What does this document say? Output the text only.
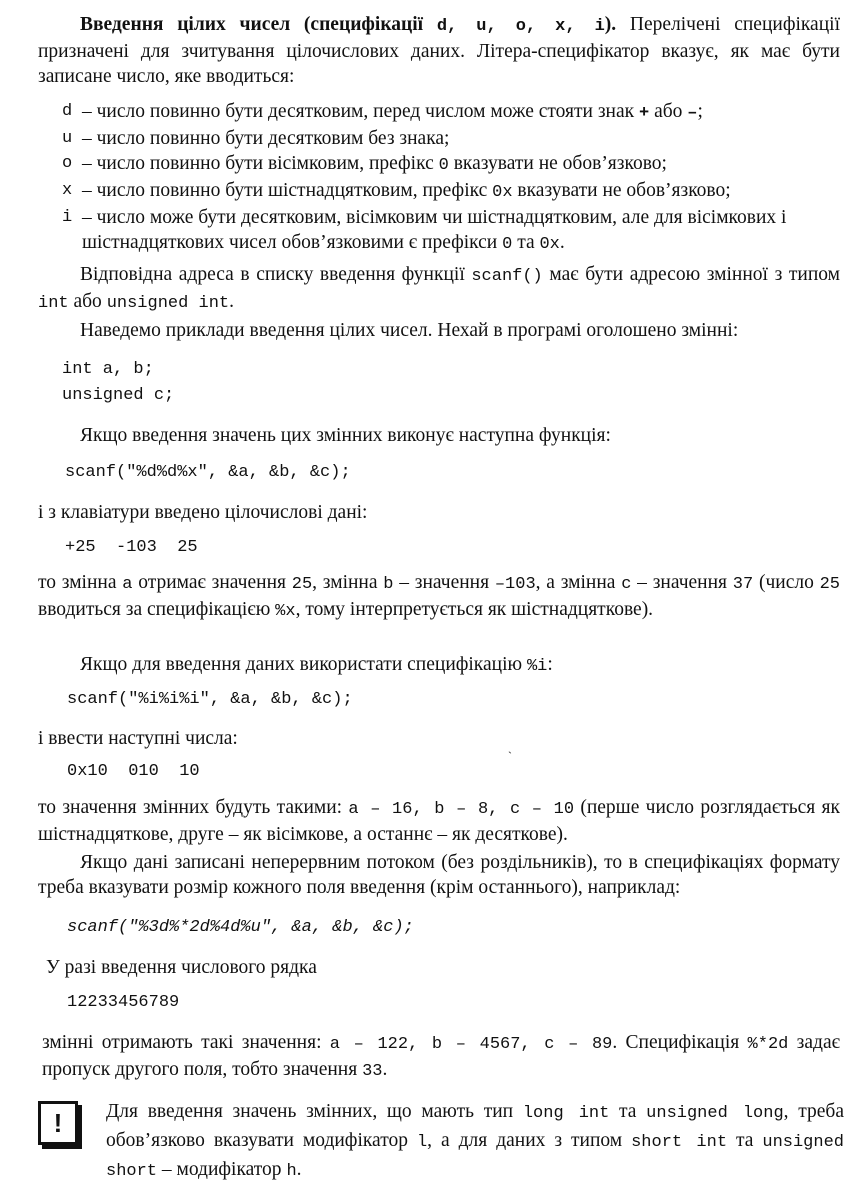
Введення цілих чисел (специфікації d, u, o, x, i). Перелічені специфікації призначені для зчитування цілочислових даних. Літера-специфікатор вказує, як має бути записане число, яке вводиться:

d – число повинно бути десятковим, перед числом може стояти знак + або –;
u – число повинно бути десятковим без знака;
o – число повинно бути вісімковим, префікс 0 вказувати не обов’язково;
x – число повинно бути шістнадцятковим, префікс 0x вказувати не обов’язково;
i – число може бути десятковим, вісімковим чи шістнадцятковим, але для вісімкових і шістнадцяткових чисел обов’язковими є префікси 0 та 0x.

Відповідна адреса в списку введення функції scanf() має бути адресою змінної з типом int або unsigned int.

Наведемо приклади введення цілих чисел. Нехай в програмі оголошено змінні:

int a, b;
unsigned c;

Якщо введення значень цих змінних виконує наступна функція:

scanf("%d%d%x", &a, &b, &c);

і з клавіатури введено цілочислові дані:

+25  -103  25

то змінна a отримає значення 25, змінна b – значення –103, а змінна c – значення 37 (число 25 вводиться за специфікацією %x, тому інтерпретується як шістнадцяткове).

Якщо для введення даних використати специфікацію %i:

scanf("%i%i%i", &a, &b, &c);

і ввести наступні числа:	ˎ
0x10  010  10

то значення змінних будуть такими: a – 16, b – 8, c – 10 (перше число розглядається як шістнадцяткове, друге – як вісімкове, а останнє – як десяткове).

Якщо дані записані неперервним потоком (без роздільників), то в специфікаціях формату треба вказувати розмір кожного поля введення (крім останнього), наприклад:

scanf("%3d%*2d%4d%u", &a, &b, &c);

У разі введення числового рядка

12233456789

змінні отримають такі значення: a – 122, b – 4567, c – 89. Специфікація %*2d задає пропуск другого поля, тобто значення 33.

! Для введення значень змінних, що мають тип long int та unsigned long, треба обов’язково вказувати модифікатор l, а для даних з типом short int та unsigned short – модифікатор h.
